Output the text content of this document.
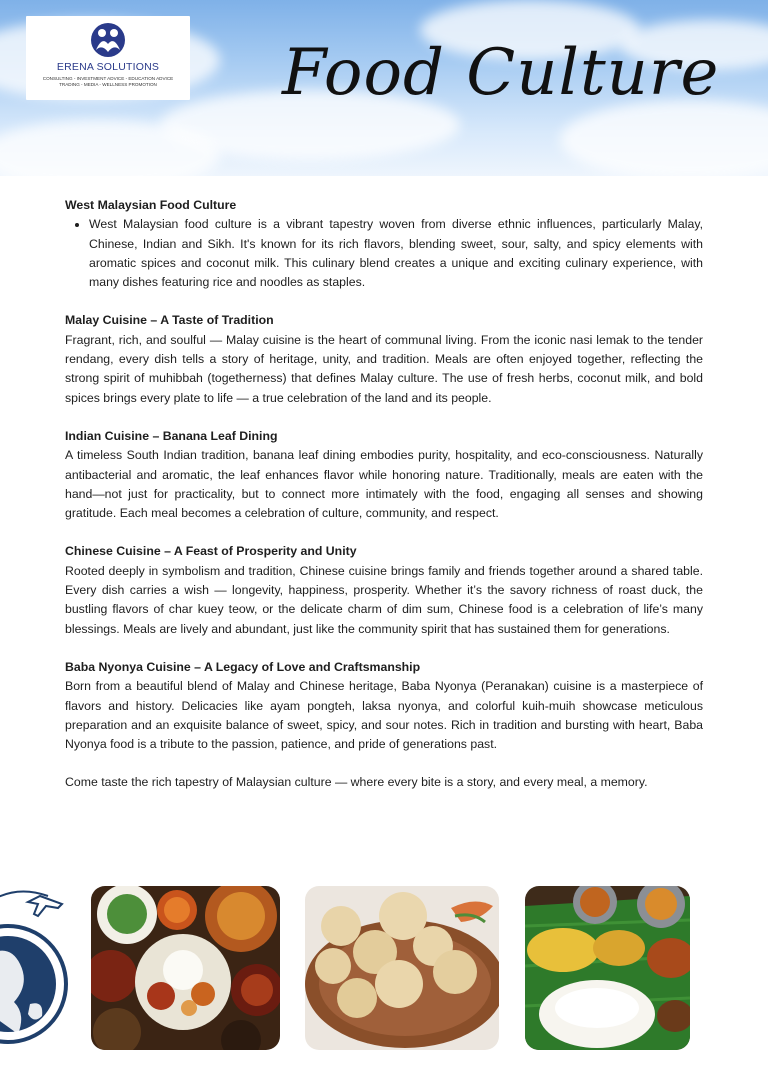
ERENA SOLUTIONS
CONSULTING - INVESTMENT ADVICE - EDUCATION ADVICE
TRADING - MEDIA - WELLNESS PROMOTION	Food Culture
West Malaysian Food Culture
• West Malaysian food culture is a vibrant tapestry woven from diverse ethnic influences, particularly Malay, Chinese, Indian and Sikh. It's known for its rich flavors, blending sweet, sour, salty, and spicy elements with aromatic spices and coconut milk. This culinary blend creates a unique and exciting culinary experience, with many dishes featuring rice and noodles as staples.
Malay Cuisine – A Taste of Tradition

Fragrant, rich, and soulful — Malay cuisine is the heart of communal living. From the iconic nasi lemak to the tender rendang, every dish tells a story of heritage, unity, and tradition. Meals are often enjoyed together, reflecting the strong spirit of muhibbah (togetherness) that defines Malay culture. The use of fresh herbs, coconut milk, and bold spices brings every plate to life — a true celebration of the land and its people.

Indian Cuisine – Banana Leaf Dining

A timeless South Indian tradition, banana leaf dining embodies purity, hospitality, and eco-consciousness. Naturally antibacterial and aromatic, the leaf enhances flavor while honoring nature. Traditionally, meals are eaten with the hand—not just for practicality, but to connect more intimately with the food, engaging all senses and showing gratitude. Each meal becomes a celebration of culture, community, and respect.

Chinese Cuisine – A Feast of Prosperity and Unity

Rooted deeply in symbolism and tradition, Chinese cuisine brings family and friends together around a shared table. Every dish carries a wish — longevity, happiness, prosperity. Whether it’s the savory richness of roast duck, the bustling flavors of char kuey teow, or the delicate charm of dim sum, Chinese food is a celebration of life’s many blessings. Meals are lively and abundant, just like the community spirit that has sustained them for generations.

Baba Nyonya Cuisine – A Legacy of Love and Craftsmanship

Born from a beautiful blend of Malay and Chinese heritage, Baba Nyonya (Peranakan) cuisine is a masterpiece of flavors and history. Delicacies like ayam pongteh, laksa nyonya, and colorful kuih-muih showcase meticulous preparation and an exquisite balance of sweet, spicy, and sour notes. Rich in tradition and bursting with heart, Baba Nyonya food is a tribute to the passion, patience, and pride of generations past.

Come taste the rich tapestry of Malaysian culture — where every bite is a story, and every meal, a memory.
